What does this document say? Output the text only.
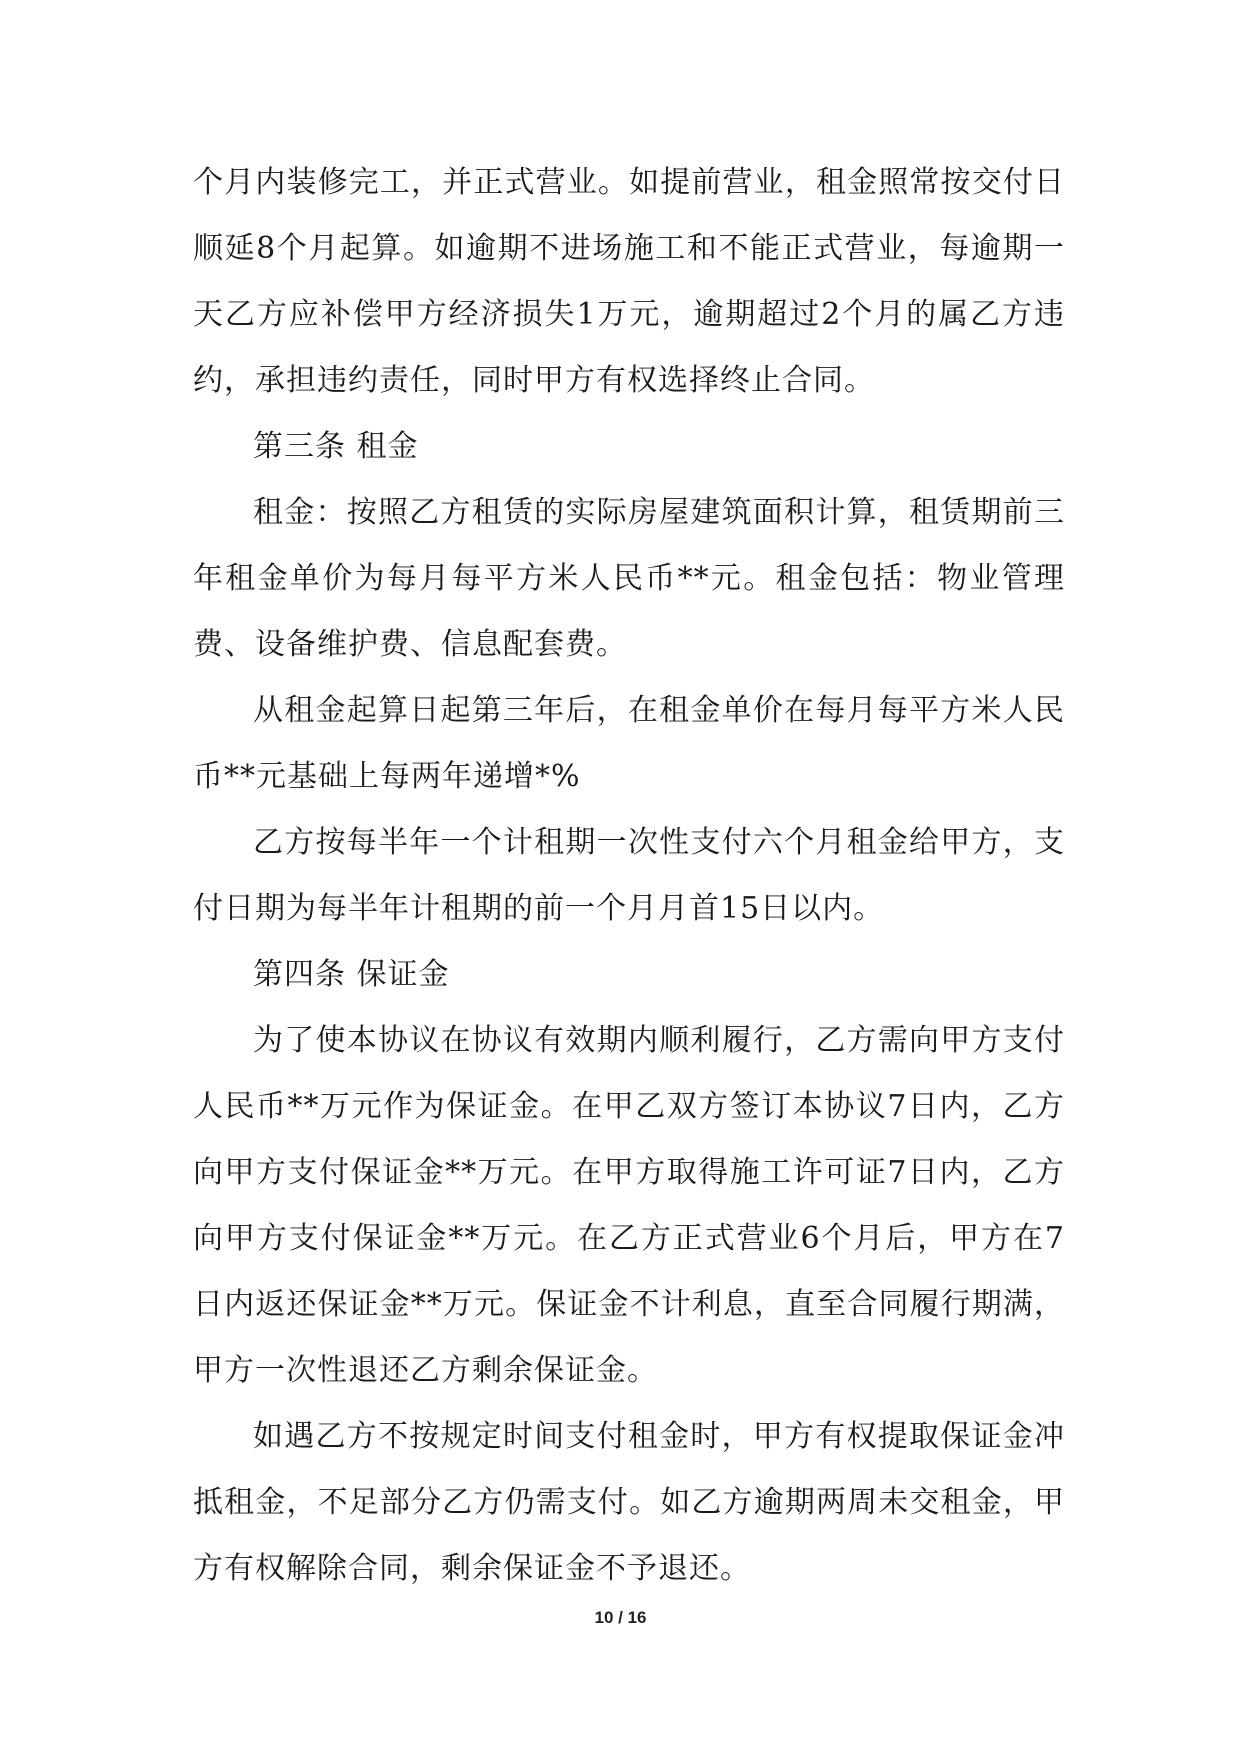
个月内装修完工，并正式营业。如提前营业，租金照常按交付日顺延8个月起算。如逾期不进场施工和不能正式营业，每逾期一天乙方应补偿甲方经济损失1万元，逾期超过2个月的属乙方违约，承担违约责任，同时甲方有权选择终止合同。

第三条 租金

租金：按照乙方租赁的实际房屋建筑面积计算，租赁期前三年租金单价为每月每平方米人民币**元。租金包括：物业管理费、设备维护费、信息配套费。

从租金起算日起第三年后，在租金单价在每月每平方米人民币**元基础上每两年递增*%

乙方按每半年一个计租期一次性支付六个月租金给甲方，支付日期为每半年计租期的前一个月月首15日以内。

第四条 保证金

为了使本协议在协议有效期内顺利履行，乙方需向甲方支付人民币**万元作为保证金。在甲乙双方签订本协议7日内，乙方向甲方支付保证金**万元。在甲方取得施工许可证7日内，乙方向甲方支付保证金**万元。在乙方正式营业6个月后，甲方在7日内返还保证金**万元。保证金不计利息，直至合同履行期满，甲方一次性退还乙方剩余保证金。

如遇乙方不按规定时间支付租金时，甲方有权提取保证金冲抵租金，不足部分乙方仍需支付。如乙方逾期两周未交租金，甲方有权解除合同，剩余保证金不予退还。

10 / 16
